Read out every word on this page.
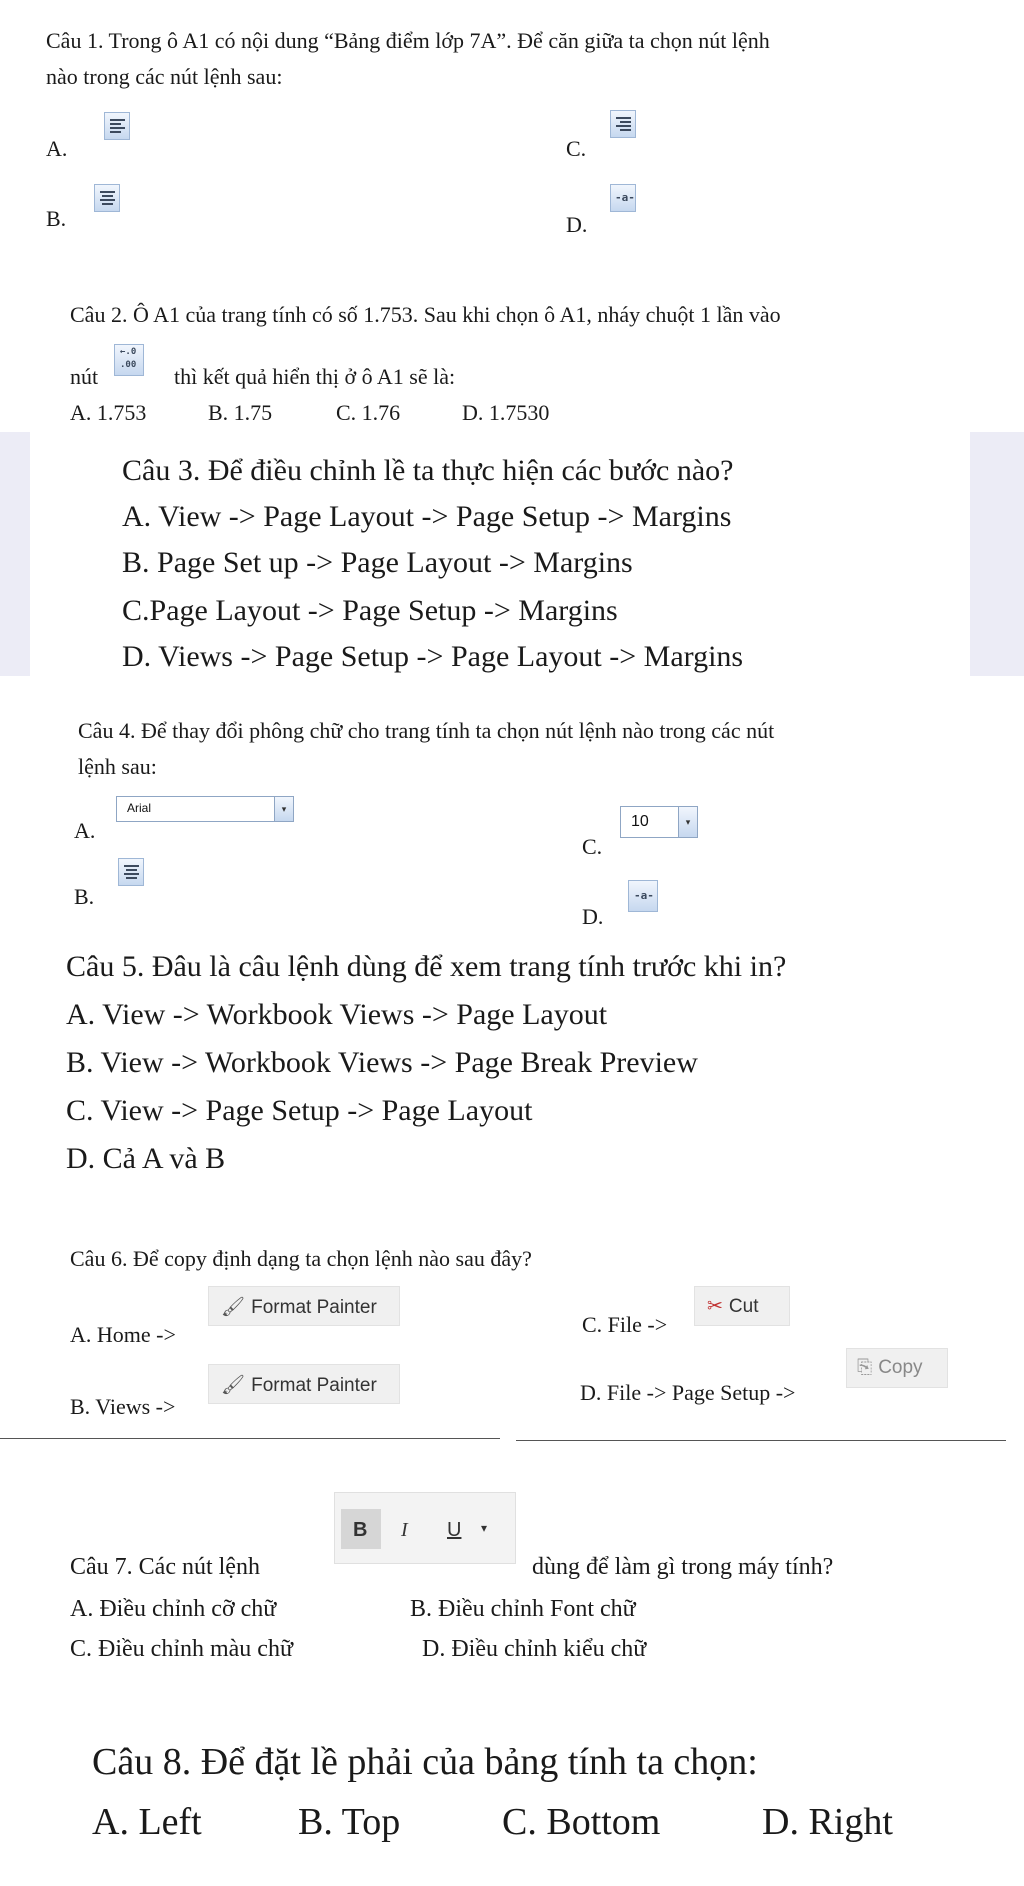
Câu 1. Trong ô A1 có nội dung “Bảng điểm lớp 7A”. Để căn giữa ta chọn nút lệnh
nào trong các nút lệnh sau:
A.	C.
B.	D.
-a-
Câu 2. Ô A1 của trang tính có số 1.753. Sau khi chọn ô A1, nháy chuột 1 lần vào
nút
←.0
.00 thì kết quả hiển thị ở ô A1 sẽ là:
A. 1.753	B. 1.75	C. 1.76	D. 1.7530
Câu 3. Để điều chỉnh lề ta thực hiện các bước nào?
A. View -> Page Layout -> Page Setup -> Margins
B. Page Set up -> Page Layout -> Margins
C.Page Layout -> Page Setup -> Margins
D. Views -> Page Setup -> Page Layout -> Margins
Câu 4. Để thay đổi phông chữ cho trang tính ta chọn nút lệnh nào trong các nút
lệnh sau:
A.
Arial	▾
C.
10	▾
B.
D.
-a-
Câu 5. Đâu là câu lệnh dùng để xem trang tính trước khi in?
A. View -> Workbook Views -> Page Layout
B. View -> Workbook Views -> Page Break Preview
C. View -> Page Setup -> Page Layout
D. Cả A và B
Câu 6. Để copy định dạng ta chọn lệnh nào sau đây?
A. Home ->
🖌 Format Painter
C. File ->
✂ Cut
B. Views ->
🖌 Format Painter	D. File -> Page Setup ->
⎘ Copy
B I U ▾
Câu 7. Các nút lệnh	dùng để làm gì trong máy tính?
A. Điều chỉnh cỡ chữ	B. Điều chỉnh Font chữ
C. Điều chỉnh màu chữ	D. Điều chỉnh kiểu chữ
Câu 8. Để đặt lề phải của bảng tính ta chọn:
A. Left	B. Top	C. Bottom	D. Right
